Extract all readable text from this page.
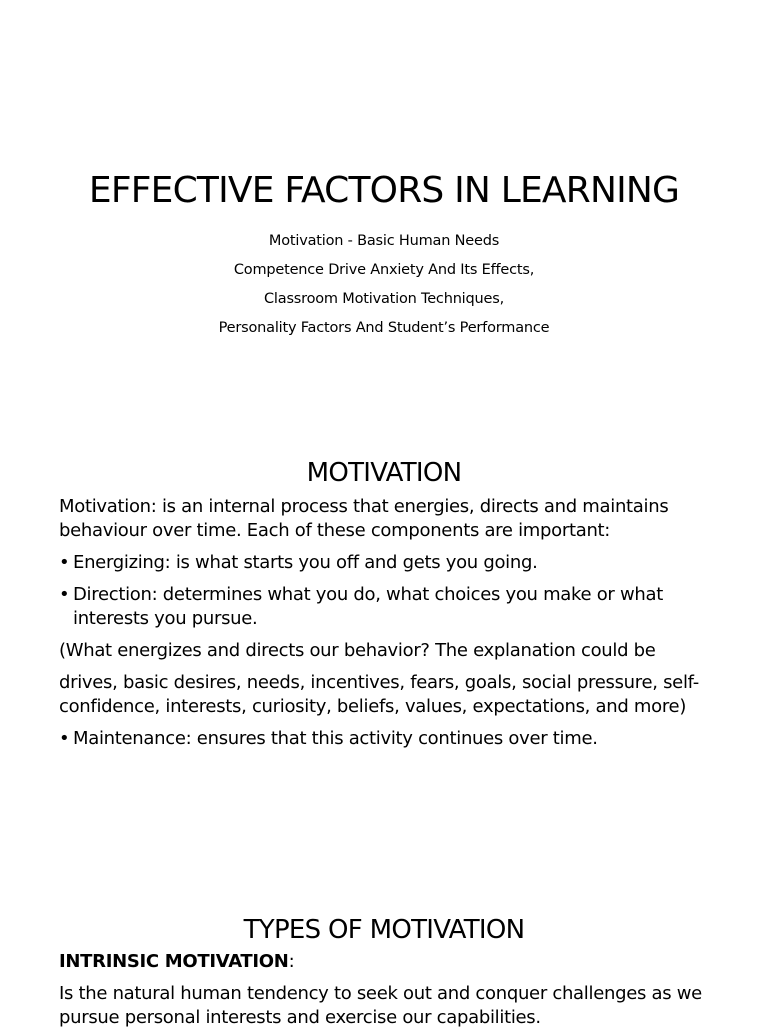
EFFECTIVE FACTORS IN LEARNING
Motivation - Basic Human Needs
Competence Drive Anxiety And Its Effects,
Classroom Motivation Techniques,
Personality Factors And Student’s Performance
MOTIVATION

Motivation: is an internal process that energies, directs and maintains behaviour over time. Each of these components are important:

• Energizing: is what starts you off and gets you going.

• Direction: determines what you do, what choices you make or what interests you pursue.

(What energizes and directs our behavior? The explanation could be

drives, basic desires, needs, incentives, fears, goals, social pressure, self-confidence, interests, curiosity, beliefs, values, expectations, and more)

• Maintenance: ensures that this activity continues over time.

TYPES OF MOTIVATION

INTRINSIC MOTIVATION:

Is the natural human tendency to seek out and conquer challenges as we pursue personal interests and exercise our capabilities.
